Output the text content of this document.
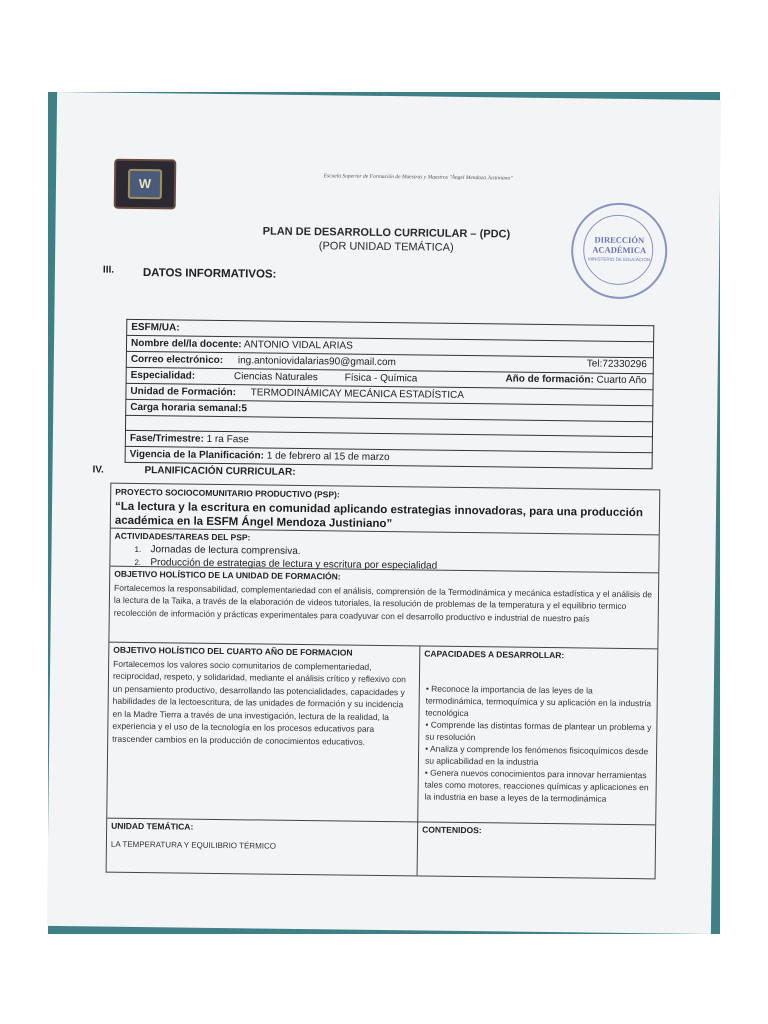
W	Escuela Superior de Formación de Maestras y Maestros "Ángel Mendoza Justiniano"
DIRECCIÓN
ACADÉMICA
MINISTERIO DE EDUCACIÓN
PLAN DE DESARROLLO CURRICULAR – (PDC)
(POR UNIDAD TEMÁTICA)
III. DATOS INFORMATIVOS:
ESFM/UA:
Nombre del/la docente: ANTONIO VIDAL ARIAS
Correo electrónico: ing.antoniovidalarias90@gmail.com	Tel:72330296

Especialidad:	Ciencias Naturales	Física - Química	Año de formación: Cuarto Año

Unidad de Formación: TERMODINÁMICAY MECÁNICA ESTADÍSTICA
Carga horaria semanal:5

Fase/Trimestre: 1 ra Fase
Vigencia de la Planificación: 1 de febrero al 15 de marzo
IV.	PLANIFICACIÓN CURRICULAR:
PROYECTO SOCIOCOMUNITARIO PRODUCTIVO (PSP):
“La lectura y la escritura en comunidad aplicando estrategias innovadoras, para una producción académica en la ESFM Ángel Mendoza Justiniano”
ACTIVIDADES/TAREAS DEL PSP:
1. Jornadas de lectura comprensiva.
2. Producción de estrategias de lectura y escritura por especialidad
OBJETIVO HOLÍSTICO DE LA UNIDAD DE FORMACIÓN:
Fortalecemos la responsabilidad, complementariedad con el análisis, comprensión de la Termodinámica y mecánica estadística y el análisis de la lectura de la Taika, a través de la elaboración de videos tutoriales, la resolución de problemas de la temperatura y el equilibrio termico recolección de información y prácticas experimentales para coadyuvar con el desarrollo productivo e industrial de nuestro país
OBJETIVO HOLÍSTICO DEL CUARTO AÑO DE FORMACION
Fortalecemos los valores socio comunitarios de complementariedad, reciprocidad, respeto, y solidaridad, mediante el análisis crítico y reflexivo con un pensamiento productivo, desarrollando las potencialidades, capacidades y habilidades de la lectoescritura, de las unidades de formación y su incidencia en la Madre Tierra a través de una investigación, lectura de la realidad, la experiencia y el uso de la tecnología en los procesos educativos para trascender cambios en la producción de conocimientos educativos.
CAPACIDADES A DESARROLLAR:
• Reconoce la importancia de las leyes de la termodinámica, termoquímica y su aplicación en la industria tecnológica
• Comprende las distintas formas de plantear un problema y su resolución
• Analiza y comprende los fenómenos fisicoquímicos desde su aplicabilidad en la industria
• Genera nuevos conocimientos para innovar herramientas tales como motores, reacciones químicas y aplicaciones en la industria en base a leyes de la termodinámica
UNIDAD TEMÁTICA:
LA TEMPERATURA Y EQUILIBRIO TÉRMICO
CONTENIDOS:
